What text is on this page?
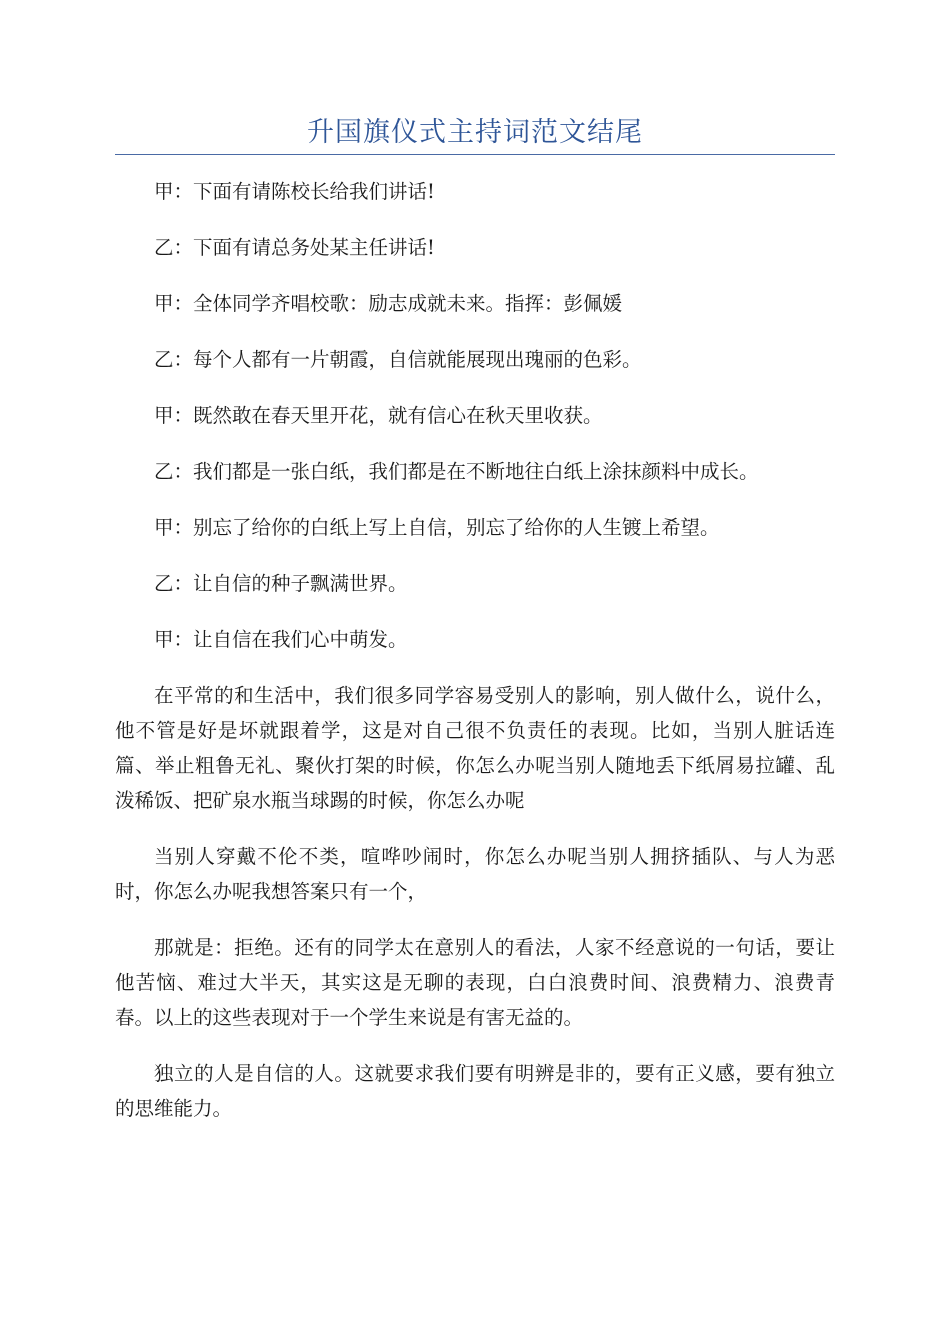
升国旗仪式主持词范文结尾

甲：下面有请陈校长给我们讲话!

乙：下面有请总务处某主任讲话!

甲：全体同学齐唱校歌：励志成就未来。指挥：彭佩媛

乙：每个人都有一片朝霞，自信就能展现出瑰丽的色彩。

甲：既然敢在春天里开花，就有信心在秋天里收获。

乙：我们都是一张白纸，我们都是在不断地往白纸上涂抹颜料中成长。

甲：别忘了给你的白纸上写上自信，别忘了给你的人生镀上希望。

乙：让自信的种子飘满世界。

甲：让自信在我们心中萌发。

在平常的和生活中，我们很多同学容易受别人的影响，别人做什么，说什么，他不管是好是坏就跟着学，这是对自己很不负责任的表现。比如，当别人脏话连篇、举止粗鲁无礼、聚伙打架的时候，你怎么办呢当别人随地丢下纸屑易拉罐、乱泼稀饭、把矿泉水瓶当球踢的时候，你怎么办呢

当别人穿戴不伦不类，喧哗吵闹时，你怎么办呢当别人拥挤插队、与人为恶时，你怎么办呢我想答案只有一个，

那就是：拒绝。还有的同学太在意别人的看法，人家不经意说的一句话，要让他苦恼、难过大半天，其实这是无聊的表现，白白浪费时间、浪费精力、浪费青春。以上的这些表现对于一个学生来说是有害无益的。

独立的人是自信的人。这就要求我们要有明辨是非的，要有正义感，要有独立的思维能力。
